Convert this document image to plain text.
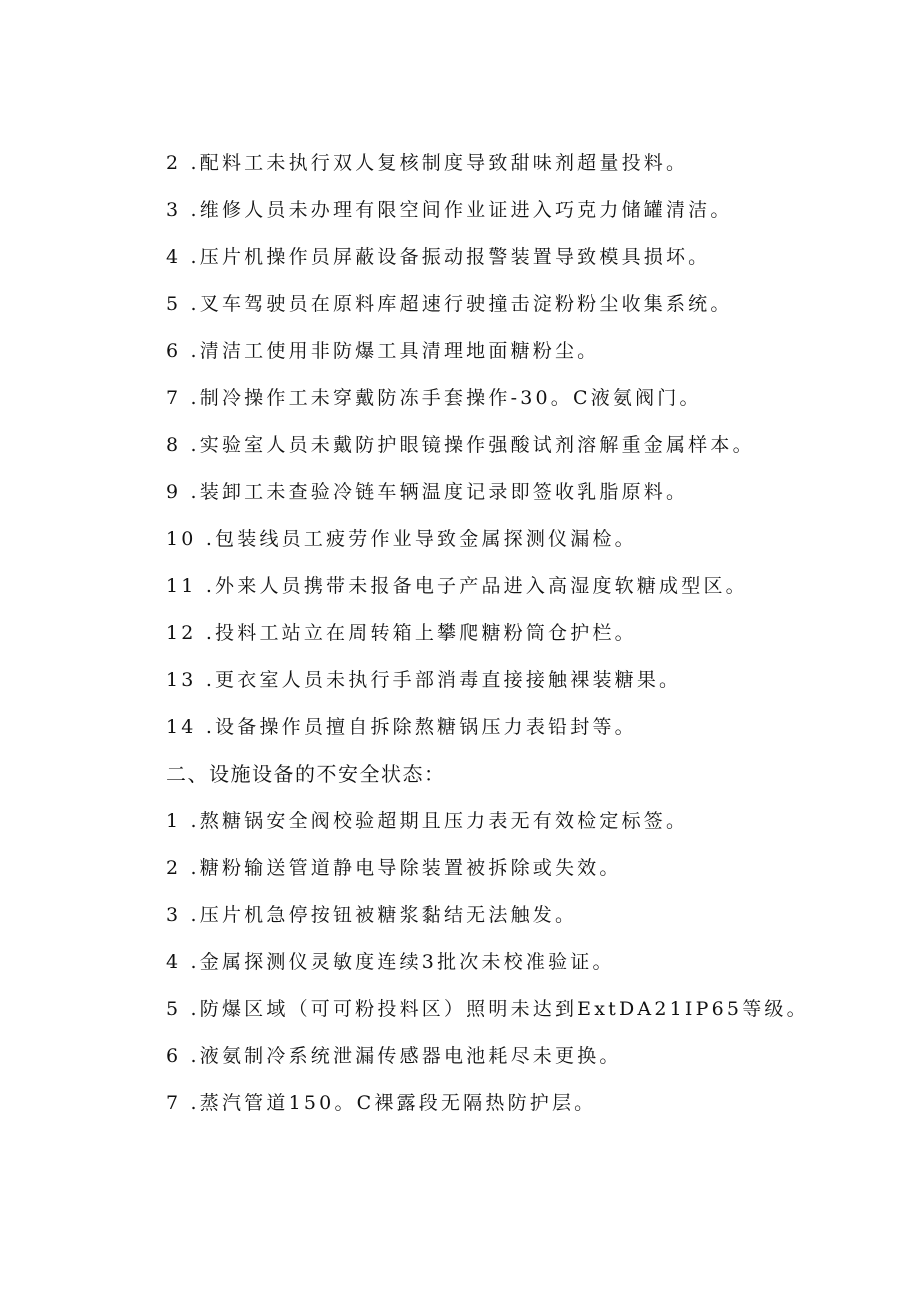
2 .配料工未执行双人复核制度导致甜味剂超量投料。
3 .维修人员未办理有限空间作业证进入巧克力储罐清洁。
4 .压片机操作员屏蔽设备振动报警装置导致模具损坏。
5 .叉车驾驶员在原料库超速行驶撞击淀粉粉尘收集系统。
6 .清洁工使用非防爆工具清理地面糖粉尘。
7 .制冷操作工未穿戴防冻手套操作-30。C液氨阀门。
8 .实验室人员未戴防护眼镜操作强酸试剂溶解重金属样本。
9 .装卸工未查验冷链车辆温度记录即签收乳脂原料。
10 .包装线员工疲劳作业导致金属探测仪漏检。
11 .外来人员携带未报备电子产品进入高湿度软糖成型区。
12 .投料工站立在周转箱上攀爬糖粉筒仓护栏。
13 .更衣室人员未执行手部消毒直接接触裸装糖果。
14 .设备操作员擅自拆除熬糖锅压力表铅封等。
二、设施设备的不安全状态：
1 .熬糖锅安全阀校验超期且压力表无有效检定标签。
2 .糖粉输送管道静电导除装置被拆除或失效。
3 .压片机急停按钮被糖浆黏结无法触发。
4 .金属探测仪灵敏度连续3批次未校准验证。
5 .防爆区域（可可粉投料区）照明未达到ExtDA21IP65等级。
6 .液氨制冷系统泄漏传感器电池耗尽未更换。
7 .蒸汽管道150。C裸露段无隔热防护层。
